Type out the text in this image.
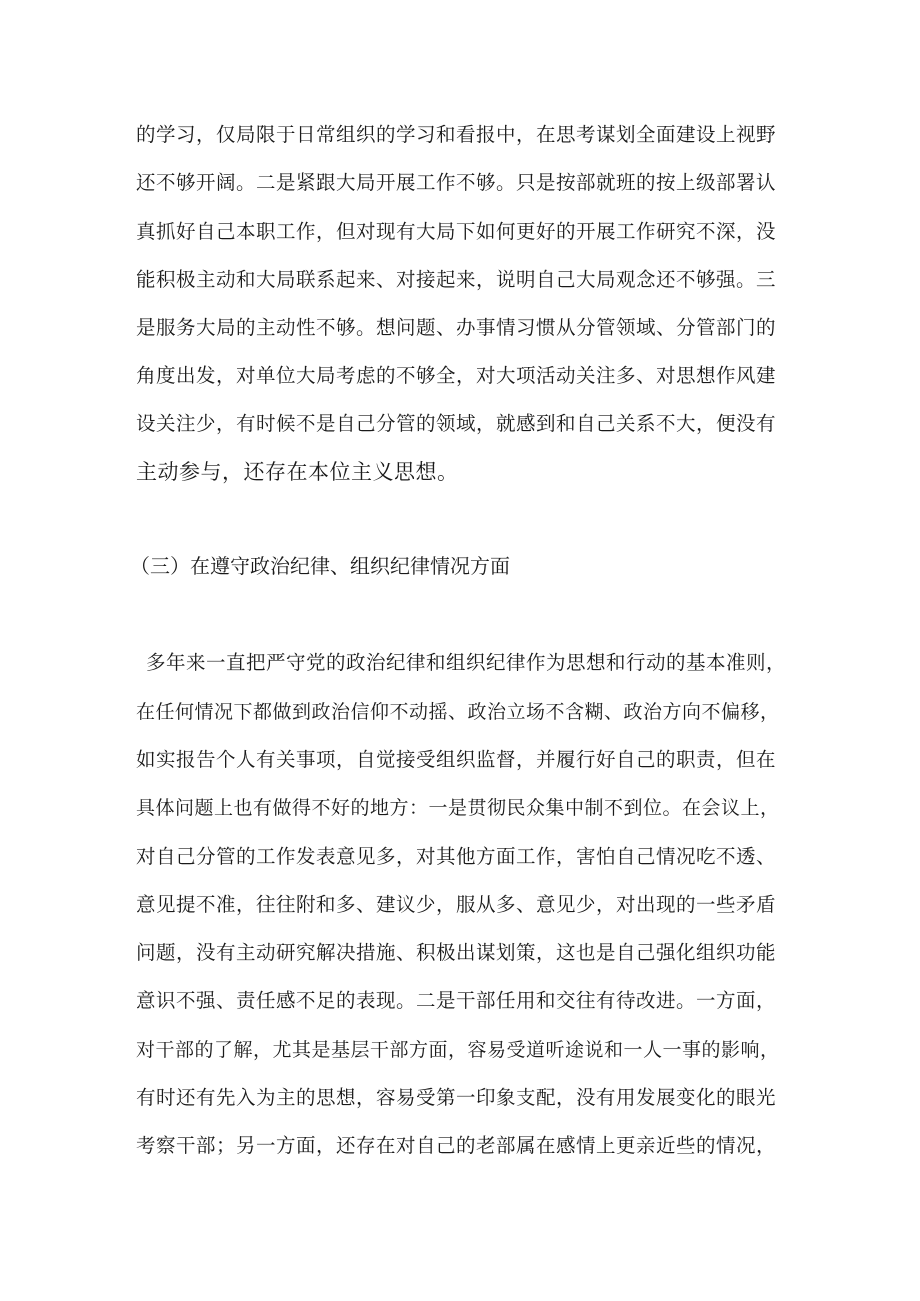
的学习，仅局限于日常组织的学习和看报中，在思考谋划全面建设上视野
还不够开阔。二是紧跟大局开展工作不够。只是按部就班的按上级部署认
真抓好自己本职工作，但对现有大局下如何更好的开展工作研究不深，没
能积极主动和大局联系起来、对接起来，说明自己大局观念还不够强。三
是服务大局的主动性不够。想问题、办事情习惯从分管领域、分管部门的
角度出发，对单位大局考虑的不够全，对大项活动关注多、对思想作风建
设关注少，有时候不是自己分管的领域，就感到和自己关系不大，便没有
主动参与，还存在本位主义思想。
（三）在遵守政治纪律、组织纪律情况方面
多年来一直把严守党的政治纪律和组织纪律作为思想和行动的基本准则，
在任何情况下都做到政治信仰不动摇、政治立场不含糊、政治方向不偏移，
如实报告个人有关事项，自觉接受组织监督，并履行好自己的职责，但在
具体问题上也有做得不好的地方：一是贯彻民众集中制不到位。在会议上，
对自己分管的工作发表意见多，对其他方面工作，害怕自己情况吃不透、
意见提不准，往往附和多、建议少，服从多、意见少，对出现的一些矛盾
问题，没有主动研究解决措施、积极出谋划策，这也是自己强化组织功能
意识不强、责任感不足的表现。二是干部任用和交往有待改进。一方面，
对干部的了解，尤其是基层干部方面，容易受道听途说和一人一事的影响，
有时还有先入为主的思想，容易受第一印象支配，没有用发展变化的眼光
考察干部；另一方面，还存在对自己的老部属在感情上更亲近些的情况，
